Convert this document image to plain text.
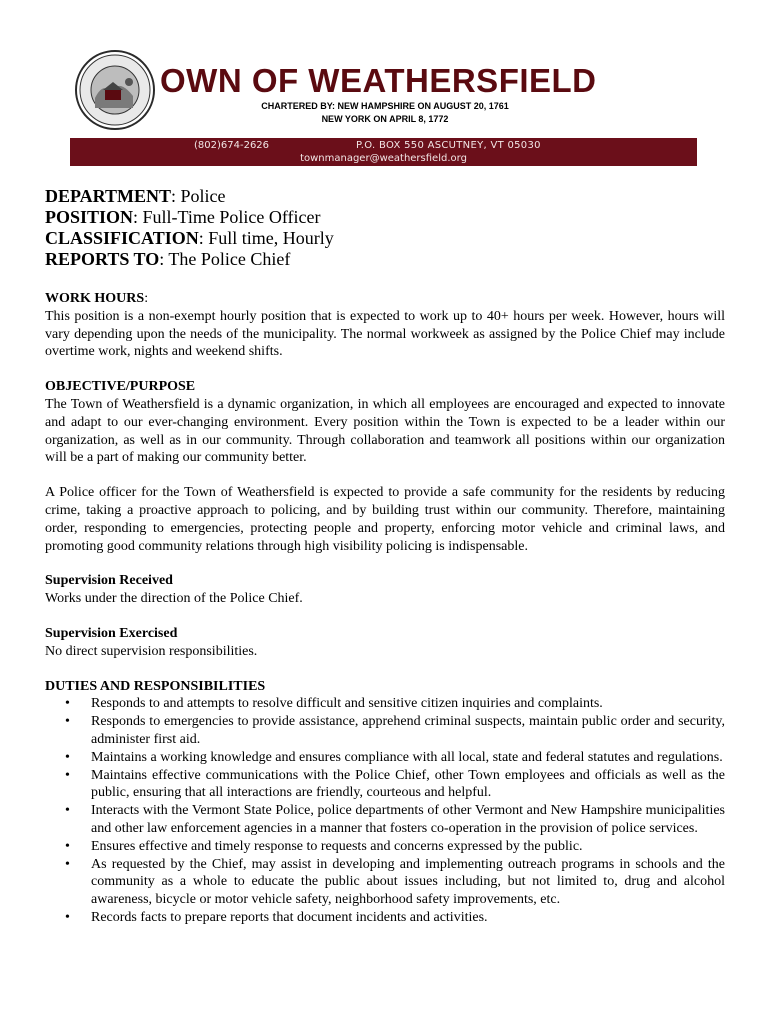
OWN OF WEATHERSFIELD
CHARTERED BY: NEW HAMPSHIRE ON AUGUST 20, 1761
NEW YORK ON APRIL 8, 1772
(802)674-2626	P.O. BOX 550 ASCUTNEY, VT 05030
townmanager@weathersfield.org
DEPARTMENT: Police
POSITION: Full-Time Police Officer
CLASSIFICATION: Full time, Hourly
REPORTS TO: The Police Chief

WORK HOURS:

This position is a non-exempt hourly position that is expected to work up to 40+ hours per week. However, hours will vary depending upon the needs of the municipality. The normal workweek as assigned by the Police Chief may include overtime work, nights and weekend shifts.

OBJECTIVE/PURPOSE

The Town of Weathersfield is a dynamic organization, in which all employees are encouraged and expected to innovate and adapt to our ever-changing environment. Every position within the Town is expected to be a leader within our organization, as well as in our community. Through collaboration and teamwork all positions within our organization will be a part of making our community better.

A Police officer for the Town of Weathersfield is expected to provide a safe community for the residents by reducing crime, taking a proactive approach to policing, and by building trust within our community. Therefore, maintaining order, responding to emergencies, protecting people and property, enforcing motor vehicle and criminal laws, and promoting good community relations through high visibility policing is indispensable.

Supervision Received

Works under the direction of the Police Chief.

Supervision Exercised

No direct supervision responsibilities.

DUTIES AND RESPONSIBILITIES

• Responds to and attempts to resolve difficult and sensitive citizen inquiries and complaints.
• Responds to emergencies to provide assistance, apprehend criminal suspects, maintain public order and security, administer first aid.
• Maintains a working knowledge and ensures compliance with all local, state and federal statutes and regulations.
• Maintains effective communications with the Police Chief, other Town employees and officials as well as the public, ensuring that all interactions are friendly, courteous and helpful.
• Interacts with the Vermont State Police, police departments of other Vermont and New Hampshire municipalities and other law enforcement agencies in a manner that fosters co-operation in the provision of police services.
• Ensures effective and timely response to requests and concerns expressed by the public.
• As requested by the Chief, may assist in developing and implementing outreach programs in schools and the community as a whole to educate the public about issues including, but not limited to, drug and alcohol awareness, bicycle or motor vehicle safety, neighborhood safety improvements, etc.
• Records facts to prepare reports that document incidents and activities.
